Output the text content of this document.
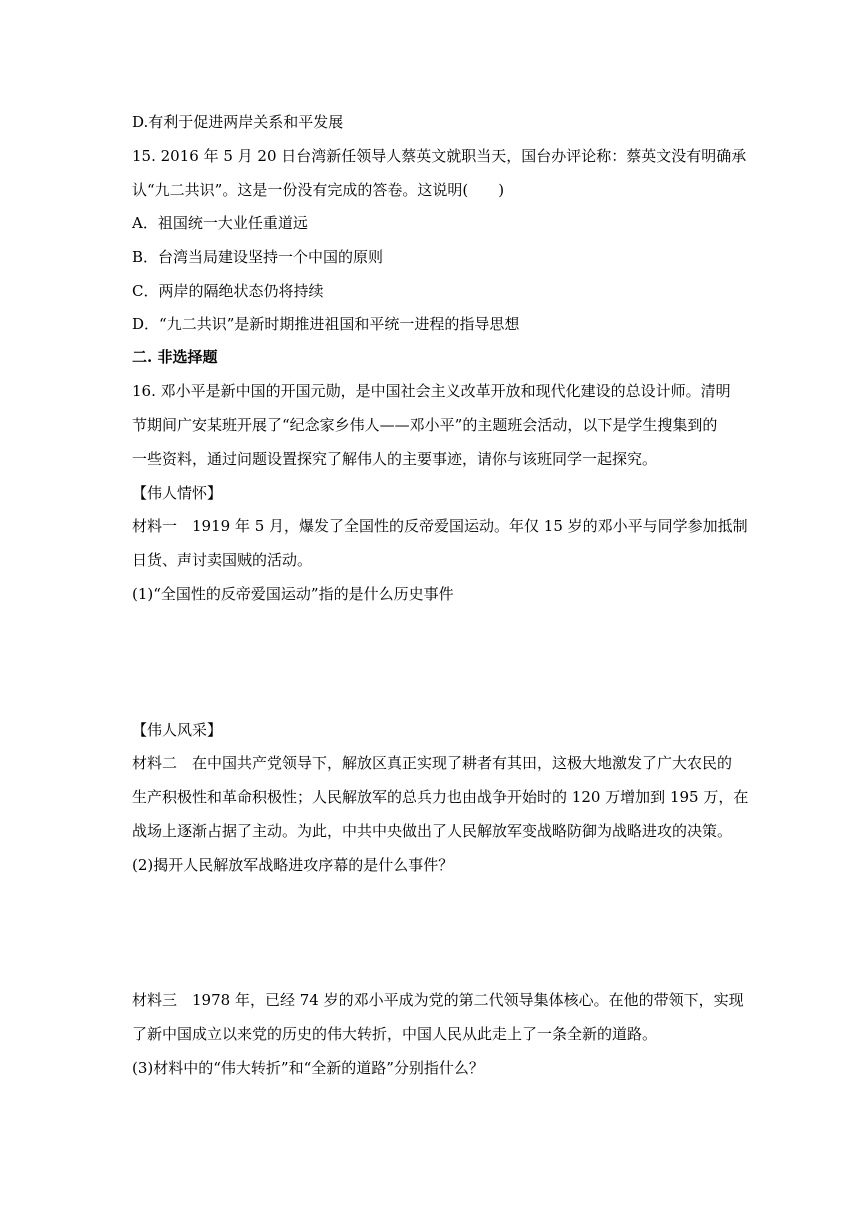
D.有利于促进两岸关系和平发展
15. 2016 年 5 月 20 日台湾新任领导人蔡英文就职当天，国台办评论称：蔡英文没有明确承
认“九二共识”。这是一份没有完成的答卷。这说明(　　)
A．祖国统一大业任重道远
B．台湾当局建设坚持一个中国的原则
C．两岸的隔绝状态仍将持续
D．“九二共识”是新时期推进祖国和平统一进程的指导思想
二. 非选择题
16. 邓小平是新中国的开国元勋，是中国社会主义改革开放和现代化建设的总设计师。清明
节期间广安某班开展了“纪念家乡伟人——邓小平”的主题班会活动，以下是学生搜集到的
一些资料，通过问题设置探究了解伟人的主要事迹，请你与该班同学一起探究。
【伟人情怀】
材料一　1919 年 5 月，爆发了全国性的反帝爱国运动。年仅 15 岁的邓小平与同学参加抵制
日货、声讨卖国贼的活动。
(1)“全国性的反帝爱国运动”指的是什么历史事件
【伟人风采】
材料二　在中国共产党领导下，解放区真正实现了耕者有其田，这极大地激发了广大农民的
生产积极性和革命积极性；人民解放军的总兵力也由战争开始时的 120 万增加到 195 万，在
战场上逐渐占据了主动。为此，中共中央做出了人民解放军变战略防御为战略进攻的决策。
(2)揭开人民解放军战略进攻序幕的是什么事件？
材料三　1978 年，已经 74 岁的邓小平成为党的第二代领导集体核心。在他的带领下，实现
了新中国成立以来党的历史的伟大转折，中国人民从此走上了一条全新的道路。
(3)材料中的“伟大转折”和“全新的道路”分别指什么？
